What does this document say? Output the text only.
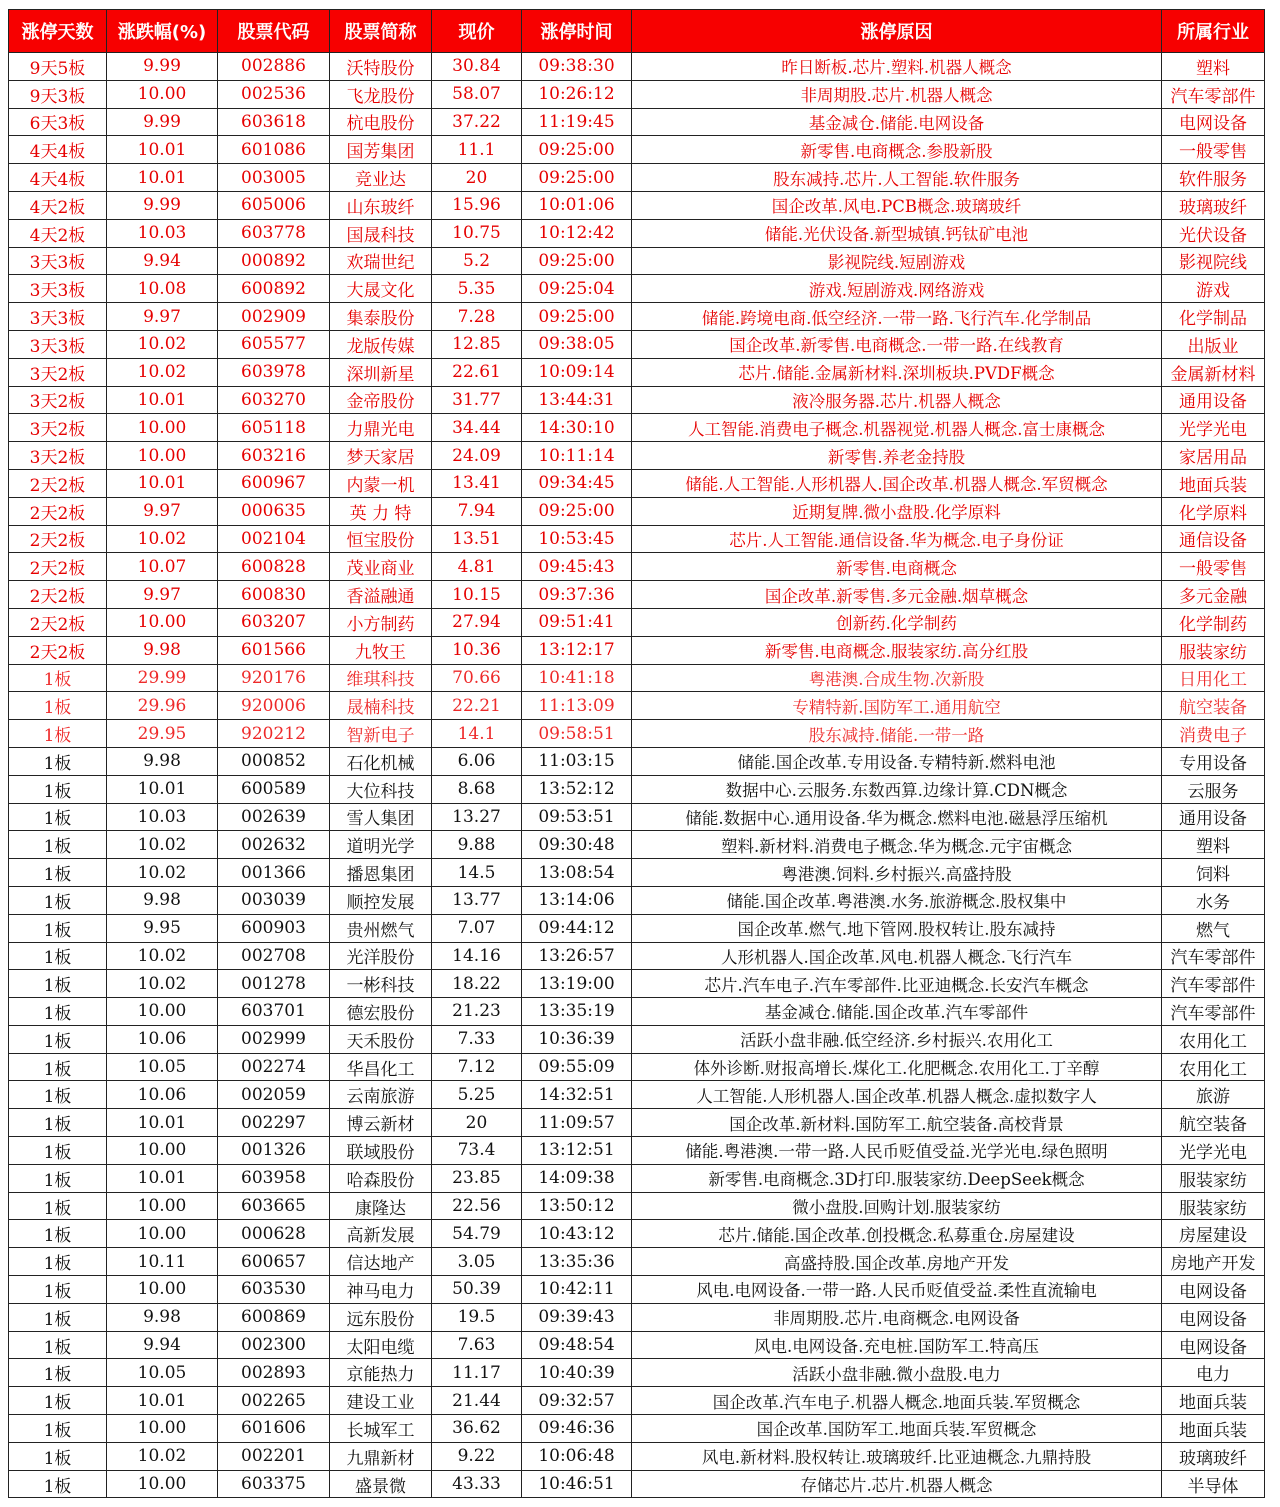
涨停天数	涨跌幅(%)	股票代码	股票简称	现价	涨停时间	涨停原因	所属行业
9天5板	9.99	002886	沃特股份	30.84	09:38:30	昨日断板.芯片.塑料.机器人概念	塑料
9天3板	10.00	002536	飞龙股份	58.07	10:26:12	非周期股.芯片.机器人概念	汽车零部件
6天3板	9.99	603618	杭电股份	37.22	11:19:45	基金减仓.储能.电网设备	电网设备
4天4板	10.01	601086	国芳集团	11.1	09:25:00	新零售.电商概念.参股新股	一般零售
4天4板	10.01	003005	竞业达	20	09:25:00	股东减持.芯片.人工智能.软件服务	软件服务
4天2板	9.99	605006	山东玻纤	15.96	10:01:06	国企改革.风电.PCB概念.玻璃玻纤	玻璃玻纤
4天2板	10.03	603778	国晟科技	10.75	10:12:42	储能.光伏设备.新型城镇.钙钛矿电池	光伏设备
3天3板	9.94	000892	欢瑞世纪	5.2	09:25:00	影视院线.短剧游戏	影视院线
3天3板	10.08	600892	大晟文化	5.35	09:25:04	游戏.短剧游戏.网络游戏	游戏
3天3板	9.97	002909	集泰股份	7.28	09:25:00	储能.跨境电商.低空经济.一带一路.飞行汽车.化学制品	化学制品
3天3板	10.02	605577	龙版传媒	12.85	09:38:05	国企改革.新零售.电商概念.一带一路.在线教育	出版业
3天2板	10.02	603978	深圳新星	22.61	10:09:14	芯片.储能.金属新材料.深圳板块.PVDF概念	金属新材料
3天2板	10.01	603270	金帝股份	31.77	13:44:31	液冷服务器.芯片.机器人概念	通用设备
3天2板	10.00	605118	力鼎光电	34.44	14:30:10	人工智能.消费电子概念.机器视觉.机器人概念.富士康概念	光学光电
3天2板	10.00	603216	梦天家居	24.09	10:11:14	新零售.养老金持股	家居用品
2天2板	10.01	600967	内蒙一机	13.41	09:34:45	储能.人工智能.人形机器人.国企改革.机器人概念.军贸概念	地面兵装
2天2板	9.97	000635	英 力 特	7.94	09:25:00	近期复牌.微小盘股.化学原料	化学原料
2天2板	10.02	002104	恒宝股份	13.51	10:53:45	芯片.人工智能.通信设备.华为概念.电子身份证	通信设备
2天2板	10.07	600828	茂业商业	4.81	09:45:43	新零售.电商概念	一般零售
2天2板	9.97	600830	香溢融通	10.15	09:37:36	国企改革.新零售.多元金融.烟草概念	多元金融
2天2板	10.00	603207	小方制药	27.94	09:51:41	创新药.化学制药	化学制药
2天2板	9.98	601566	九牧王	10.36	13:12:17	新零售.电商概念.服装家纺.高分红股	服装家纺
1板	29.99	920176	维琪科技	70.66	10:41:18	粤港澳.合成生物.次新股	日用化工
1板	29.96	920006	晟楠科技	22.21	11:13:09	专精特新.国防军工.通用航空	航空装备
1板	29.95	920212	智新电子	14.1	09:58:51	股东减持.储能.一带一路	消费电子
1板	9.98	000852	石化机械	6.06	11:03:15	储能.国企改革.专用设备.专精特新.燃料电池	专用设备
1板	10.01	600589	大位科技	8.68	13:52:12	数据中心.云服务.东数西算.边缘计算.CDN概念	云服务
1板	10.03	002639	雪人集团	13.27	09:53:51	储能.数据中心.通用设备.华为概念.燃料电池.磁悬浮压缩机	通用设备
1板	10.02	002632	道明光学	9.88	09:30:48	塑料.新材料.消费电子概念.华为概念.元宇宙概念	塑料
1板	10.02	001366	播恩集团	14.5	13:08:54	粤港澳.饲料.乡村振兴.高盛持股	饲料
1板	9.98	003039	顺控发展	13.77	13:14:06	储能.国企改革.粤港澳.水务.旅游概念.股权集中	水务
1板	9.95	600903	贵州燃气	7.07	09:44:12	国企改革.燃气.地下管网.股权转让.股东减持	燃气
1板	10.02	002708	光洋股份	14.16	13:26:57	人形机器人.国企改革.风电.机器人概念.飞行汽车	汽车零部件
1板	10.02	001278	一彬科技	18.22	13:19:00	芯片.汽车电子.汽车零部件.比亚迪概念.长安汽车概念	汽车零部件
1板	10.00	603701	德宏股份	21.23	13:35:19	基金减仓.储能.国企改革.汽车零部件	汽车零部件
1板	10.06	002999	天禾股份	7.33	10:36:39	活跃小盘非融.低空经济.乡村振兴.农用化工	农用化工
1板	10.05	002274	华昌化工	7.12	09:55:09	体外诊断.财报高增长.煤化工.化肥概念.农用化工.丁辛醇	农用化工
1板	10.06	002059	云南旅游	5.25	14:32:51	人工智能.人形机器人.国企改革.机器人概念.虚拟数字人	旅游
1板	10.01	002297	博云新材	20	11:09:57	国企改革.新材料.国防军工.航空装备.高校背景	航空装备
1板	10.00	001326	联域股份	73.4	13:12:51	储能.粤港澳.一带一路.人民币贬值受益.光学光电.绿色照明	光学光电
1板	10.01	603958	哈森股份	23.85	14:09:38	新零售.电商概念.3D打印.服装家纺.DeepSeek概念	服装家纺
1板	10.00	603665	康隆达	22.56	13:50:12	微小盘股.回购计划.服装家纺	服装家纺
1板	10.00	000628	高新发展	54.79	10:43:12	芯片.储能.国企改革.创投概念.私募重仓.房屋建设	房屋建设
1板	10.11	600657	信达地产	3.05	13:35:36	高盛持股.国企改革.房地产开发	房地产开发
1板	10.00	603530	神马电力	50.39	10:42:11	风电.电网设备.一带一路.人民币贬值受益.柔性直流输电	电网设备
1板	9.98	600869	远东股份	19.5	09:39:43	非周期股.芯片.电商概念.电网设备	电网设备
1板	9.94	002300	太阳电缆	7.63	09:48:54	风电.电网设备.充电桩.国防军工.特高压	电网设备
1板	10.05	002893	京能热力	11.17	10:40:39	活跃小盘非融.微小盘股.电力	电力
1板	10.01	002265	建设工业	21.44	09:32:57	国企改革.汽车电子.机器人概念.地面兵装.军贸概念	地面兵装
1板	10.00	601606	长城军工	36.62	09:46:36	国企改革.国防军工.地面兵装.军贸概念	地面兵装
1板	10.02	002201	九鼎新材	9.22	10:06:48	风电.新材料.股权转让.玻璃玻纤.比亚迪概念.九鼎持股	玻璃玻纤
1板	10.00	603375	盛景微	43.33	10:46:51	存储芯片.芯片.机器人概念	半导体
